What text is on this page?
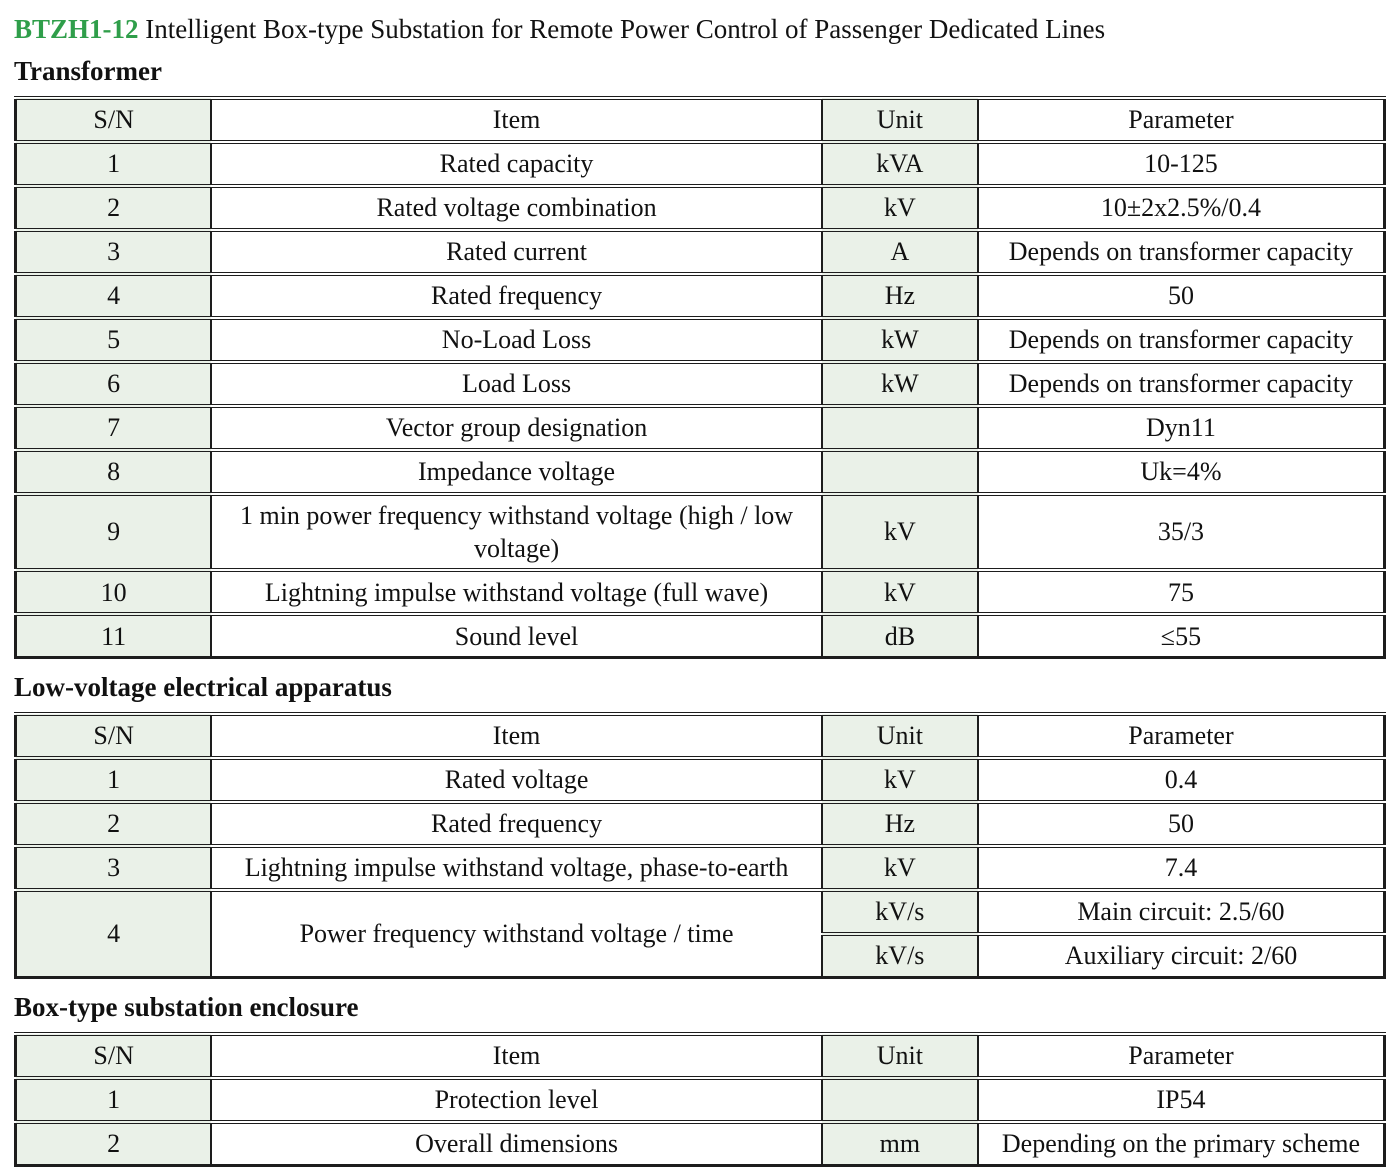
BTZH1-12 Intelligent Box-type Substation for Remote Power Control of Passenger Dedicated Lines
Transformer
S/N	Item	Unit	Parameter
1	Rated capacity	kVA	10-125
2	Rated voltage combination	kV	10±2x2.5%/0.4
3	Rated current	A	Depends on transformer capacity
4	Rated frequency	Hz	50
5	No-Load Loss	kW	Depends on transformer capacity
6	Load Loss	kW	Depends on transformer capacity
7	Vector group designation		Dyn11
8	Impedance voltage		Uk=4%
9	1 min power frequency withstand voltage (high / low voltage)	kV	35/3
10	Lightning impulse withstand voltage (full wave)	kV	75
11	Sound level	dB	≤55
Low-voltage electrical apparatus
S/N	Item	Unit	Parameter
1	Rated voltage	kV	0.4
2	Rated frequency	Hz	50
3	Lightning impulse withstand voltage, phase-to-earth	kV	7.4
4	Power frequency withstand voltage / time	kV/s	Main circuit: 2.5/60
		kV/s	Auxiliary circuit: 2/60
Box-type substation enclosure
S/N	Item	Unit	Parameter
1	Protection level		IP54
2	Overall dimensions	mm	Depending on the primary scheme
